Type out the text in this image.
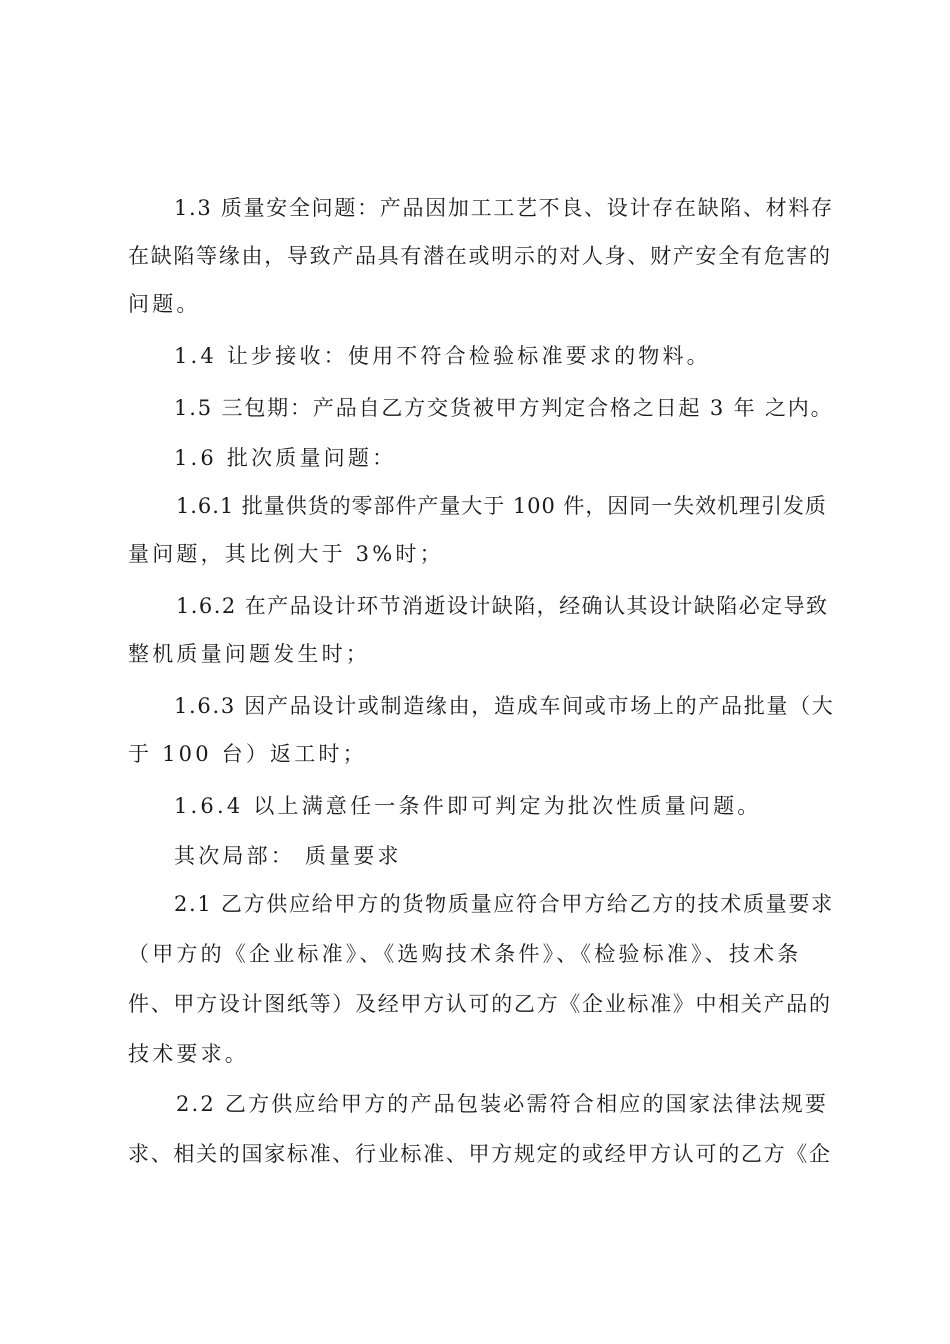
1.3 质量安全问题：产品因加工工艺不良、设计存在缺陷、材料存
在缺陷等缘由，导致产品具有潜在或明示的对人身、财产安全有危害的
问题。
1.4 让步接收：使用不符合检验标准要求的物料。
1.5 三包期：产品自乙方交货被甲方判定合格之日起 3 年 之内。
1.6 批次质量问题：
1.6.1 批量供货的零部件产量大于 100 件，因同一失效机理引发质
量问题，其比例大于 3%时；
1.6.2 在产品设计环节消逝设计缺陷，经确认其设计缺陷必定导致
整机质量问题发生时；
1.6.3 因产品设计或制造缘由，造成车间或市场上的产品批量（大
于 100 台）返工时；
1.6.4 以上满意任一条件即可判定为批次性质量问题。
其次局部： 质量要求
2.1 乙方供应给甲方的货物质量应符合甲方给乙方的技术质量要求
（甲方的《企业标准》、《选购技术条件》、《检验标准》、技术条
件、甲方设计图纸等）及经甲方认可的乙方《企业标准》中相关产品的
技术要求。
2.2 乙方供应给甲方的产品包装必需符合相应的国家法律法规要
求、相关的国家标准、行业标准、甲方规定的或经甲方认可的乙方《企
